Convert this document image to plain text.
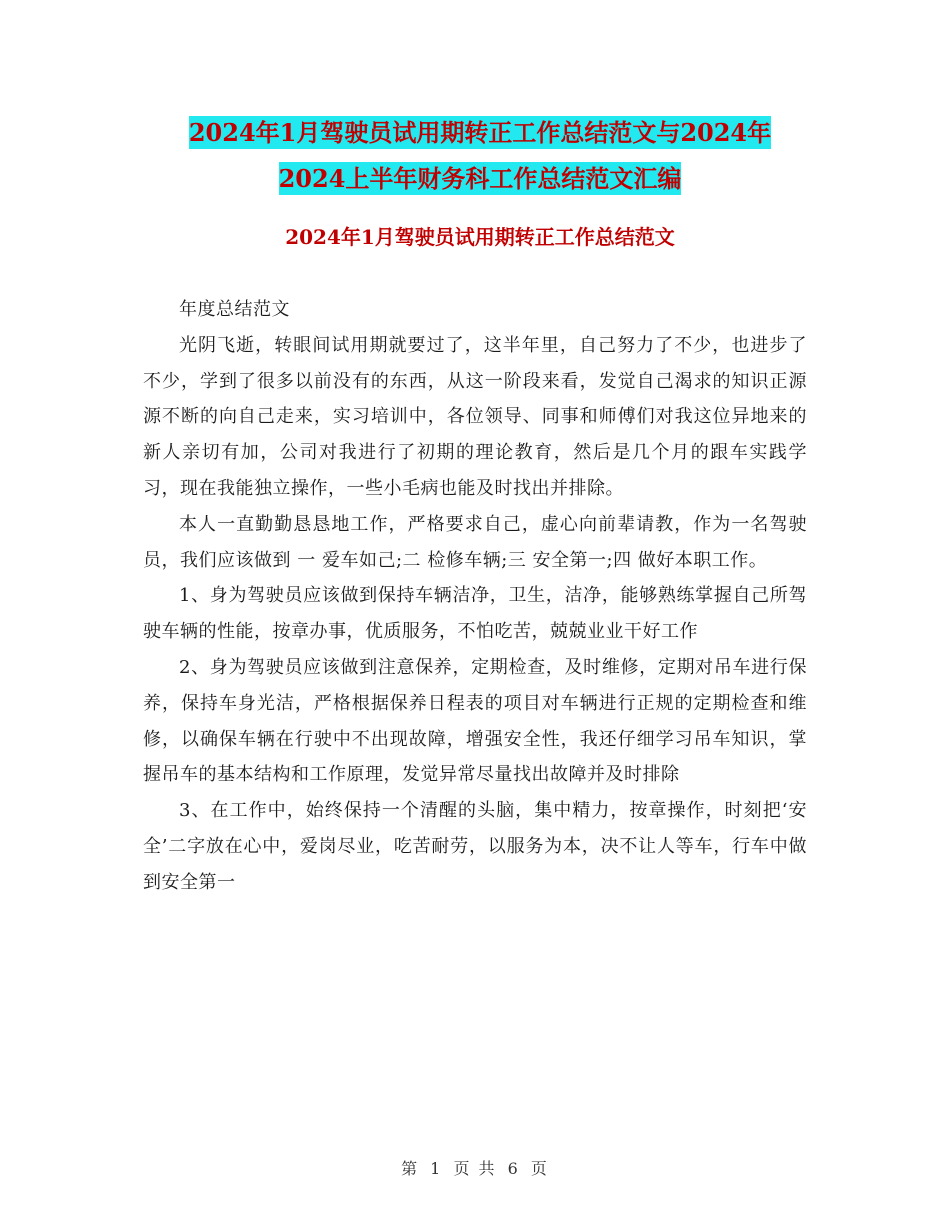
2024年1月驾驶员试用期转正工作总结范文与2024年
2024上半年财务科工作总结范文汇编
2024年1月驾驶员试用期转正工作总结范文

年度总结范文

光阴飞逝，转眼间试用期就要过了，这半年里，自己努力了不少，也进步了不少，学到了很多以前没有的东西，从这一阶段来看，发觉自己渴求的知识正源源不断的向自己走来，实习培训中，各位领导、同事和师傅们对我这位异地来的新人亲切有加，公司对我进行了初期的理论教育，然后是几个月的跟车实践学习，现在我能独立操作，一些小毛病也能及时找出并排除。

本人一直勤勤恳恳地工作，严格要求自己，虚心向前辈请教，作为一名驾驶员，我们应该做到 一 爱车如己;二 检修车辆;三 安全第一;四 做好本职工作。

1、身为驾驶员应该做到保持车辆洁净，卫生，洁净，能够熟练掌握自己所驾驶车辆的性能，按章办事，优质服务，不怕吃苦，兢兢业业干好工作

2、身为驾驶员应该做到注意保养，定期检查，及时维修，定期对吊车进行保养，保持车身光洁，严格根据保养日程表的项目对车辆进行正规的定期检查和维修，以确保车辆在行驶中不出现故障，增强安全性，我还仔细学习吊车知识，掌握吊车的基本结构和工作原理，发觉异常尽量找出故障并及时排除

3、在工作中，始终保持一个清醒的头脑，集中精力，按章操作，时刻把‘安全’二字放在心中，爱岗尽业，吃苦耐劳，以服务为本，决不让人等车，行车中做到安全第一

第 1 页 共 6 页
